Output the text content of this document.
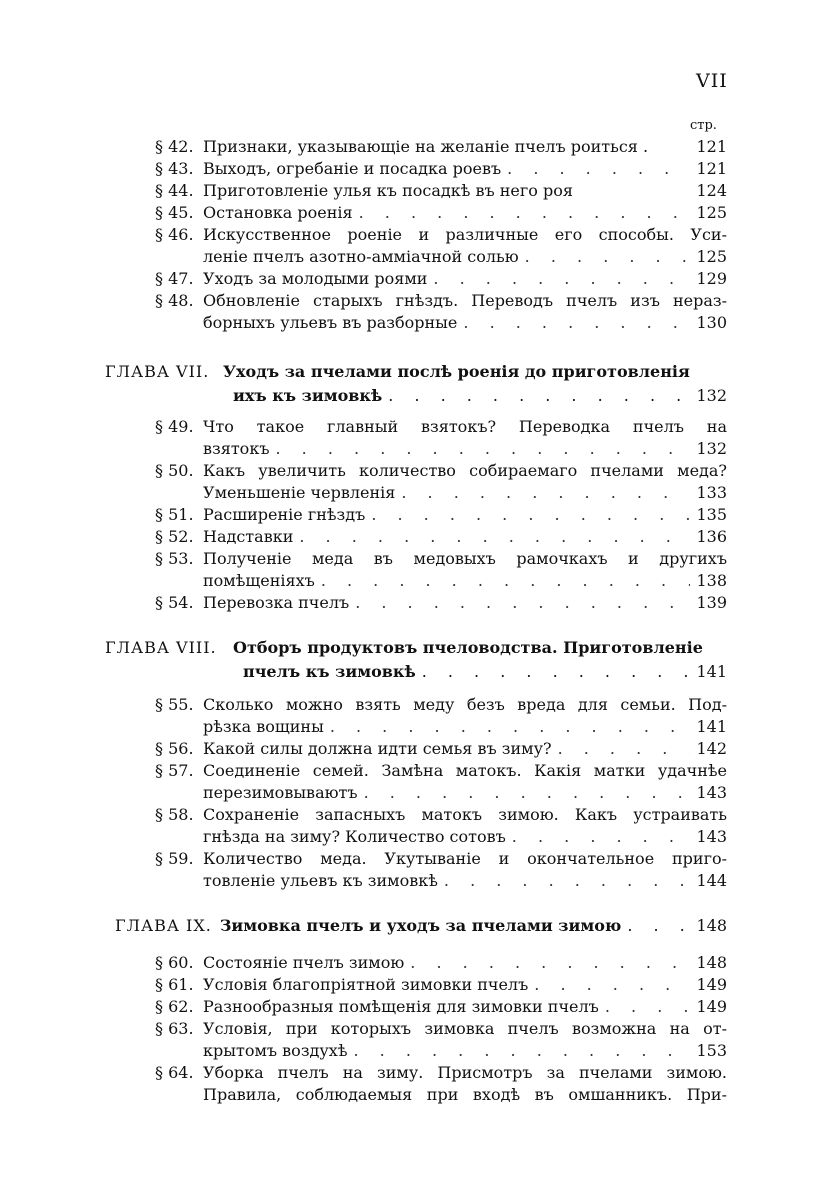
VII
стр.
§ 42. Признаки, указывающіе на желаніе пчелъ роиться .	121
§ 43. Выходъ, огребаніе и посадка роевъ . . .	121
§ 44. Приготовленіе улья къ посадкѣ въ него роя	124
§ 45. Остановка роенія . . .	125
§ 46. Искусственное роеніе и различные его способы. Уси-
леніе пчелъ азотно-амміачной солью . . .	125
§ 47. Уходъ за молодыми роями . . .	129
§ 48. Обновленіе старыхъ гнѣздъ. Переводъ пчелъ изъ нераз-
борныхъ ульевъ въ разборные . . .	130
ГЛАВА VII. Уходъ за пчелами послѣ роенія до приготовленія
ихъ къ зимовкѣ . . .	132
§ 49. Что такое главный взятокъ? Переводка пчелъ на
взятокъ . . .	132
§ 50. Какъ увеличить количество собираемаго пчелами меда?
Уменьшеніе червленія . . .	133
§ 51. Расширеніе гнѣздъ . . .	135
§ 52. Надставки . . .	136
§ 53. Полученіе меда въ медовыхъ рамочкахъ и другихъ
помѣщеніяхъ . . .	138
§ 54. Перевозка пчелъ . . .	139
ГЛАВА VIII. Отборъ продуктовъ пчеловодства. Приготовленіе
пчелъ къ зимовкѣ . . .	141
§ 55. Сколько можно взять меду безъ вреда для семьи. Под-
рѣзка вощины . . .	141
§ 56. Какой силы должна идти семья въ зиму? . . .	142
§ 57. Соединеніе семей. Замѣна матокъ. Какія матки удачнѣе
перезимовываютъ . . .	143
§ 58. Сохраненіе запасныхъ матокъ зимою. Какъ устраивать
гнѣзда на зиму? Количество сотовъ . . .	143
§ 59. Количество меда. Укутываніе и окончательное приго-
товленіе ульевъ къ зимовкѣ . . .	144
ГЛАВА IX. Зимовка пчелъ и уходъ за пчелами зимою . . .	148
§ 60. Состояніе пчелъ зимою . . .	148
§ 61. Условія благопріятной зимовки пчелъ . . .	149
§ 62. Разнообразныя помѣщенія для зимовки пчелъ . . .	149
§ 63. Условія, при которыхъ зимовка пчелъ возможна на от-
крытомъ воздухѣ . . .	153
§ 64. Уборка пчелъ на зиму. Присмотръ за пчелами зимою.
Правила, соблюдаемыя при входѣ въ омшанникъ. При-
